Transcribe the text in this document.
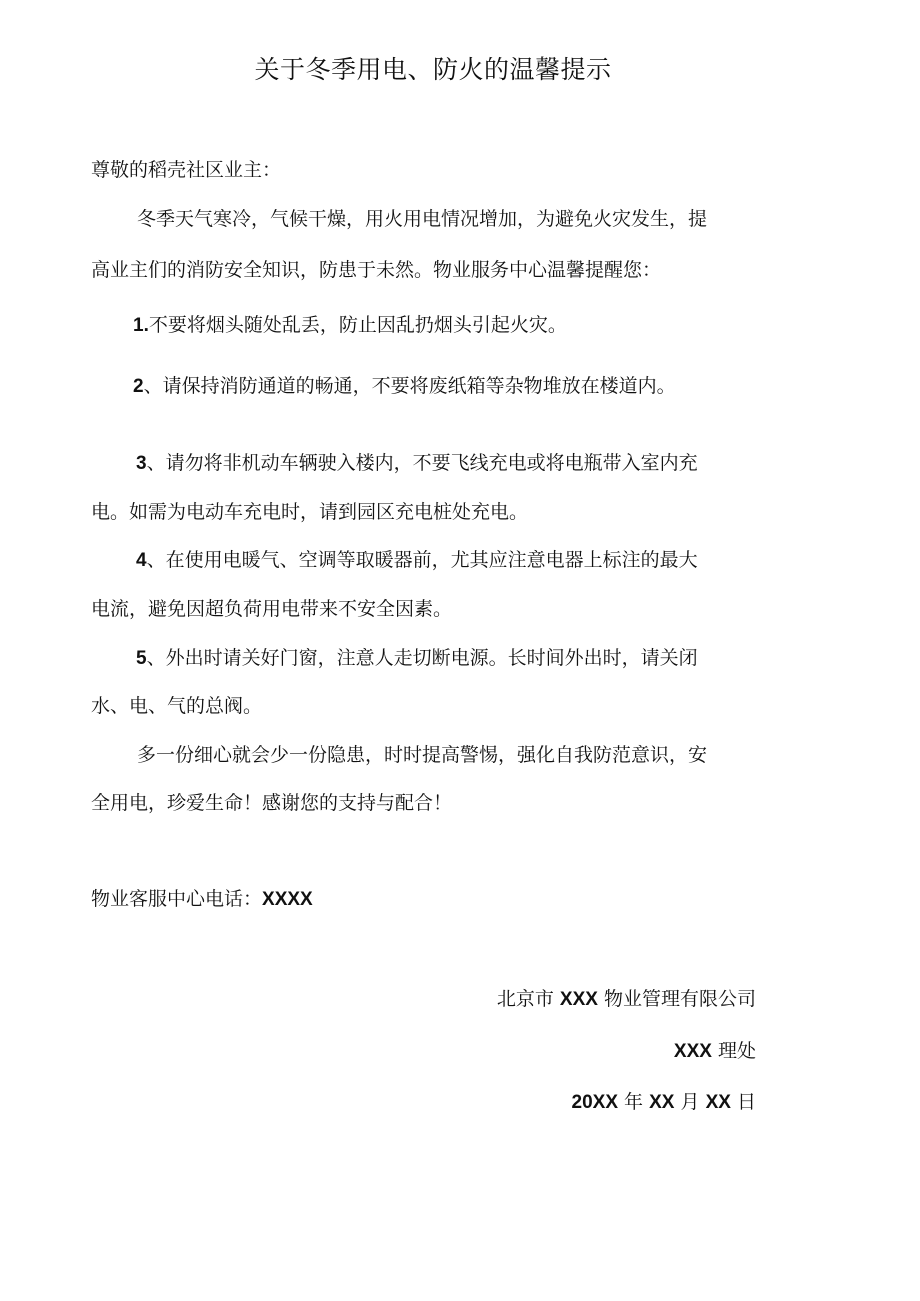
关于冬季用电、防火的温馨提示

尊敬的稻壳社区业主：

冬季天气寒冷，气候干燥，用火用电情况增加，为避免火灾发生，提

高业主们的消防安全知识，防患于未然。物业服务中心温馨提醒您：

1.不要将烟头随处乱丢，防止因乱扔烟头引起火灾。

2、请保持消防通道的畅通，不要将废纸箱等杂物堆放在楼道内。

3、请勿将非机动车辆驶入楼内，不要飞线充电或将电瓶带入室内充

电。如需为电动车充电时，请到园区充电桩处充电。

4、在使用电暖气、空调等取暖器前，尤其应注意电器上标注的最大

电流，避免因超负荷用电带来不安全因素。

5、外出时请关好门窗，注意人走切断电源。长时间外出时，请关闭

水、电、气的总阀。

多一份细心就会少一份隐患，时时提高警惕，强化自我防范意识，安

全用电，珍爱生命！感谢您的支持与配合！

物业客服中心电话：XXXX

北京市 XXX 物业管理有限公司

XXX 理处

20XX 年 XX 月 XX 日
